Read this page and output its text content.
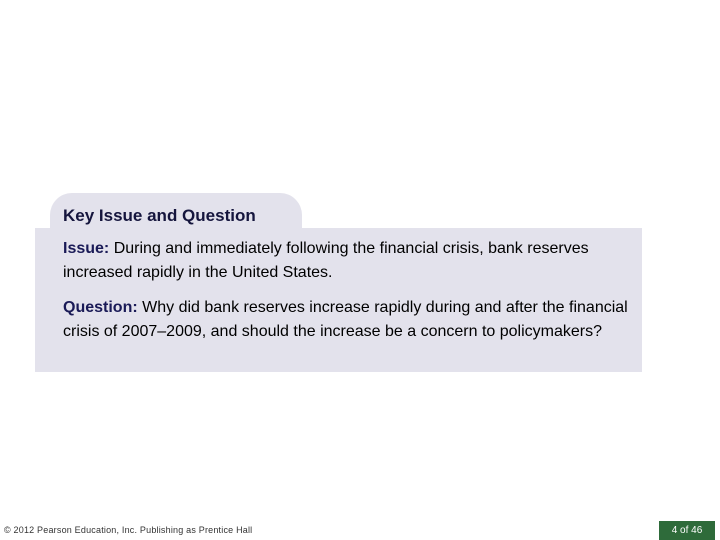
Key Issue and Question

Issue: During and immediately following the financial crisis, bank reserves increased rapidly in the United States.

Question: Why did bank reserves increase rapidly during and after the financial crisis of 2007–2009, and should the increase be a concern to policymakers?

© 2012 Pearson Education, Inc. Publishing as Prentice Hall	4 of 46
